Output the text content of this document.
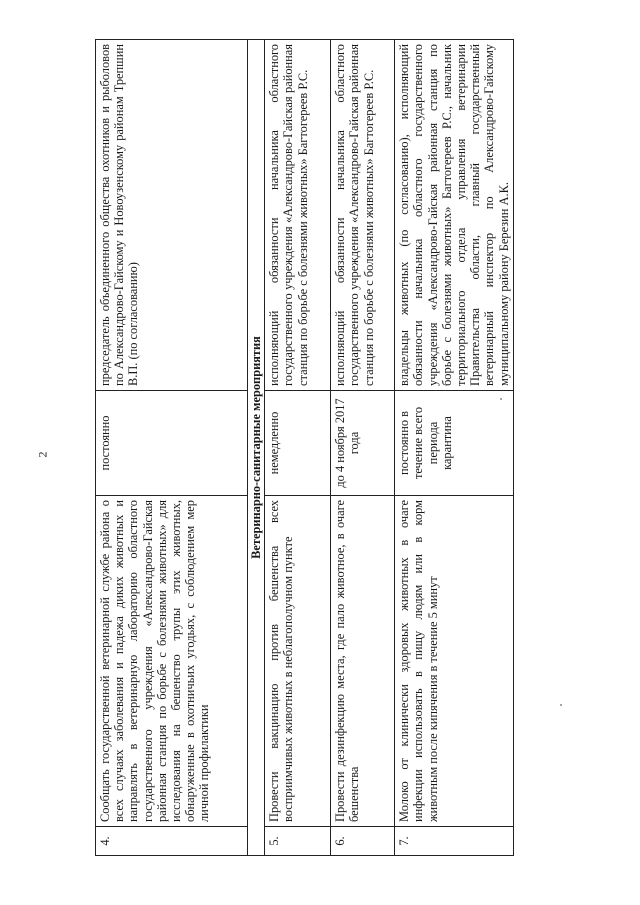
2
4.	Сообщать государственной ветеринарной службе района о всех случаях заболевания и падежа диких животных и направлять в ветеринарную лабораторию областного государственного учреждения «Александрово-Гайская районная станция по борьбе с болезнями животных» для исследования на бешенство трупы этих животных, обнаруженные в охотничьих угодьях, с соблюдением мер личной профилактики	постоянно	председатель объединенного общества охотников и рыболовов по Александрово-Гайскому и Новоузенскому районам Трепшин В.П. (по согласованию)
Ветеринарно-санитарные мероприятия			
5.	Провести вакцинацию против бешенства всех восприимчивых животных в неблагополучном пункте	немедленно	исполняющий обязанности начальника областного государственного учреждения «Александрово-Гайская районная станция по борьбе с болезнями животных» Багтогереев Р.С.
6.	Провести дезинфекцию места, где пало животное, в очаге бешенства	до 4 ноября 2017 года	исполняющий обязанности начальника областного государственного учреждения «Александрово-Гайская районная станция по борьбе с болезнями животных» Багтогереев Р.С.
7.	Молоко от клинически здоровых животных в очаге инфекции использовать в пищу людям или в корм животным после кипячения в течение 5 минут	постоянно в течение всего периода карантина	владельцы животных (по согласованию), исполняющий обязанности начальника областного государственного учреждения «Александрово-Гайская районная станция по борьбе с болезнями животных» Багтогереев Р.С., начальник территориального отдела управления ветеринарии Правительства области, главный государственный ветеринарный инспектор по Александрово-Гайскому муниципальному району Березин А.К.
